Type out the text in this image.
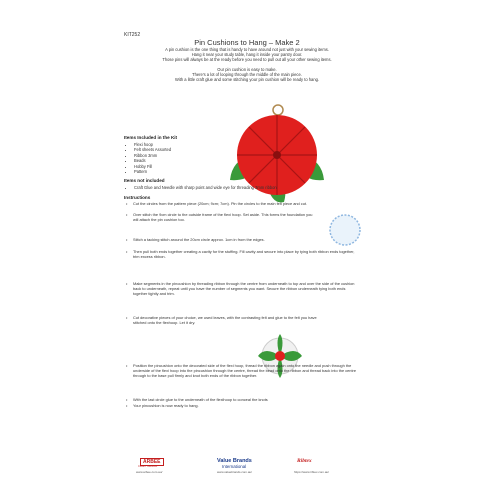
KIT252
Pin Cushions to Hang – Make 2

A pin cushion is the one thing that is handy to have around not just with your sewing items.

Hang it near your study table, hang it inside your pantry door.

Those pins will always be at the ready before you need to pull out all your other sewing items.

Our pin cushion is easy to make.

There's a lot of looping through the middle of the main piece.

With a little craft glue and some stitching your pin cushion will be ready to hang.

Items Included in the Kit
• Flexi hoop
• Felt sheets Assorted
• Ribbon 3mm
• Beads
• Hobby Fill
• Pattern
Items not included
• Craft Glue and Needle with sharp point and wide eye for threading 3mm ribbon
Instructions
• Cut the circles from the pattern piece (20cm; 9cm; 7cm). Pin the circles to the main felt piece and cut.
• Over stitch the 9cm circle to the outside frame of the flexi hoop. Set aside. This forms the foundation you will attach the pin cushion too.
• Stitch a tacking stitch around the 20cm circle approx. 1cm in from the edges.
• Then pull both ends together creating a cavity for the stuffing. Fill cavity and secure into place by tying both ribbon ends together, trim excess ribbon.
• Make segments in the pincushion by threading ribbon through the centre from underneath to top and over the side of the cushion back to underneath, repeat until you have the number of segments you want. Secure the ribbon underneath tying both ends together tightly and trim.
• Cut decorative pieces of your choice, we used leaves, with the contrasting felt and glue to the felt you have stitched onto the flexhoop. Let it dry.
• Position the pincushion onto the decorated side of the flexi hoop, thread the ribbon again onto the needle and push through the underside of the flexi hoop into the pincushion through the centre, thread the bead onto the ribbon and thread back into the centre through to the base pull firmly and knot both ends of the ribbon together.
• With the last circle glue to the underneath of the flexihoop to conceal the knots
• Your pincushion is now ready to hang.
ARBEE
CRAFT DESIGN
Value Brands
International
Ribtex
www.arbee.com.au/	www.valuebrands.com.au/	https://www.ribtex.com.au/
